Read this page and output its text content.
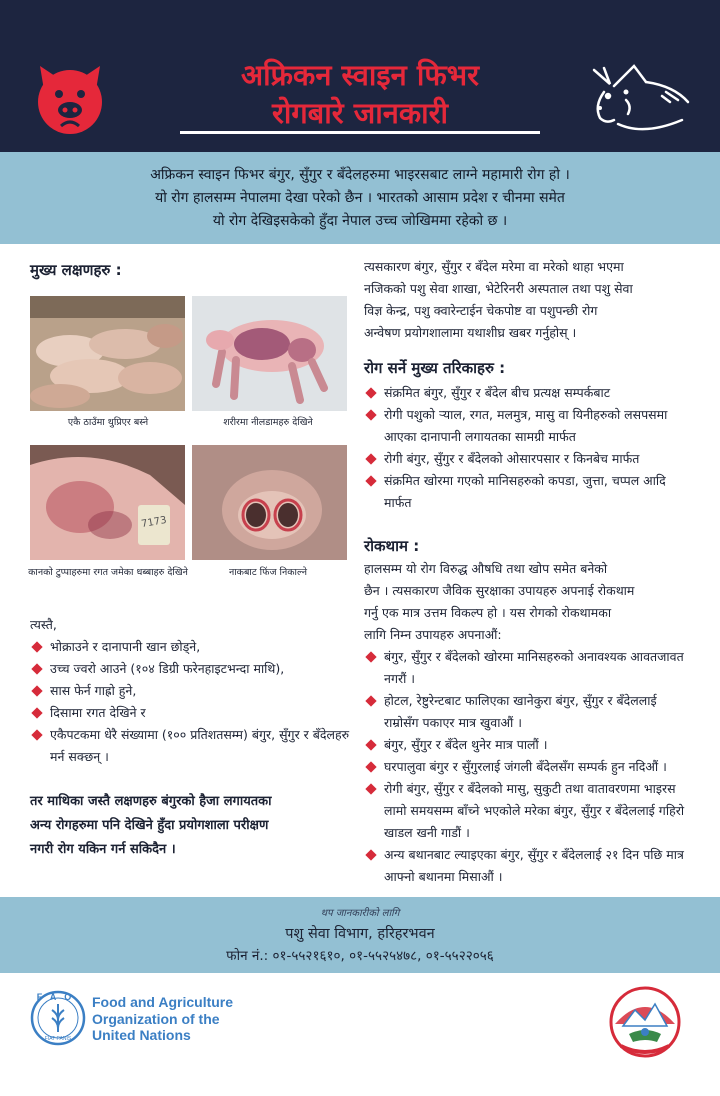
अफ्रिकन स्वाइन फिभर
रोगबारे जानकारी

अफ्रिकन स्वाइन फिभर बंगुर, सुँगुर र बँदेलहरुमा भाइरसबाट लाग्ने महामारी रोग हो ।

यो रोग हालसम्म नेपालमा देखा परेको छैन । भारतको आसाम प्रदेश र चीनमा समेत

यो रोग देखिइसकेको हुँदा नेपाल उच्च जोखिममा रहेको छ ।

मुख्य लक्षणहरु :
एकै ठाउँमा थुप्रिएर बस्ने	शरीरमा नीलडामहरु देखिने
7173
कानको टुप्पाहरुमा रगत जमेका धब्बाहरु देखिने	नाकबाट फिंज निकाल्ने
त्यस्तै,
भोक्राउने र दानापानी खान छोड्ने,
उच्च ज्वरो आउने (१०४ डिग्री फरेनहाइटभन्दा माथि),
सास फेर्न गाह्रो हुने,
दिसामा रगत देखिने र
एकैपटकमा धेरै संख्यामा (१०० प्रतिशतसम्म) बंगुर, सुँगुर र बँदेलहरु मर्न सक्छन् ।
तर माथिका जस्तै लक्षणहरु बंगुरको हैजा लगायतका
अन्य रोगहरुमा पनि देखिने हुँदा प्रयोगशाला परीक्षण
नगरी रोग यकिन गर्न सकिदैन ।
त्यसकारण बंगुर, सुँगुर र बँदेल मरेमा वा मरेको थाहा भएमा
नजिकको पशु सेवा शाखा, भेटेरिनरी अस्पताल तथा पशु सेवा
विज्ञ केन्द्र, पशु क्वारेन्टाईन चेकपोष्ट वा पशुपन्छी रोग
अन्वेषण प्रयोगशालामा यथाशीघ्र खबर गर्नुहोस् ।
रोग सर्ने मुख्य तरिकाहरु :
संक्रमित बंगुर, सुँगुर र बँदेल बीच प्रत्यक्ष सम्पर्कबाट
रोगी पशुको र्‍याल, रगत, मलमुत्र, मासु वा यिनीहरुको लसपसमा आएका दानापानी लगायतका सामग्री मार्फत
रोगी बंगुर, सुँगुर र बँदेलको ओसारपसार र किनबेच मार्फत
संक्रमित खोरमा गएको मानिसहरुको कपडा, जुत्ता, चप्पल आदि मार्फत
रोकथाम :
हालसम्म यो रोग विरुद्ध औषधि तथा खोप समेत बनेको
छैन । त्यसकारण जैविक सुरक्षाका उपायहरु अपनाई रोकथाम
गर्नु एक मात्र उत्तम विकल्प हो । यस रोगको रोकथामका
लागि निम्न उपायहरु अपनाऔं:
बंगुर, सुँगुर र बँदेलको खोरमा मानिसहरुको अनावश्यक आवतजावत नगरौं ।
होटल, रेष्टुरेन्टबाट फालिएका खानेकुरा बंगुर, सुँगुर र बँदेललाई राम्रोसँग पकाएर मात्र खुवाऔं ।
बंगुर, सुँगुर र बँदेल थुनेर मात्र पालौं ।
घरपालुवा बंगुर र सुँगुरलाई जंगली बँदेलसँग सम्पर्क हुन नदिऔं ।
रोगी बंगुर, सुँगुर र बँदेलको मासु, सुकुटी तथा वातावरणमा भाइरस लामो समयसम्म बाँच्ने भएकोले मरेका बंगुर, सुँगुर र बँदेललाई गहिरो खाडल खनी गाडौं ।
अन्य बथानबाट ल्याइएका बंगुर, सुँगुर र बँदेललाई २१ दिन पछि मात्र आफ्नो बथानमा मिसाऔं ।
थप जानकारीको लागि
पशु सेवा विभाग, हरिहरभवन
फोन नं.: ०१-५५२१६१०, ०१-५५२५४७८, ०१-५५२२०५६
FAO
FIAT PANIS
Food and Agriculture
Organization of the
United Nations
